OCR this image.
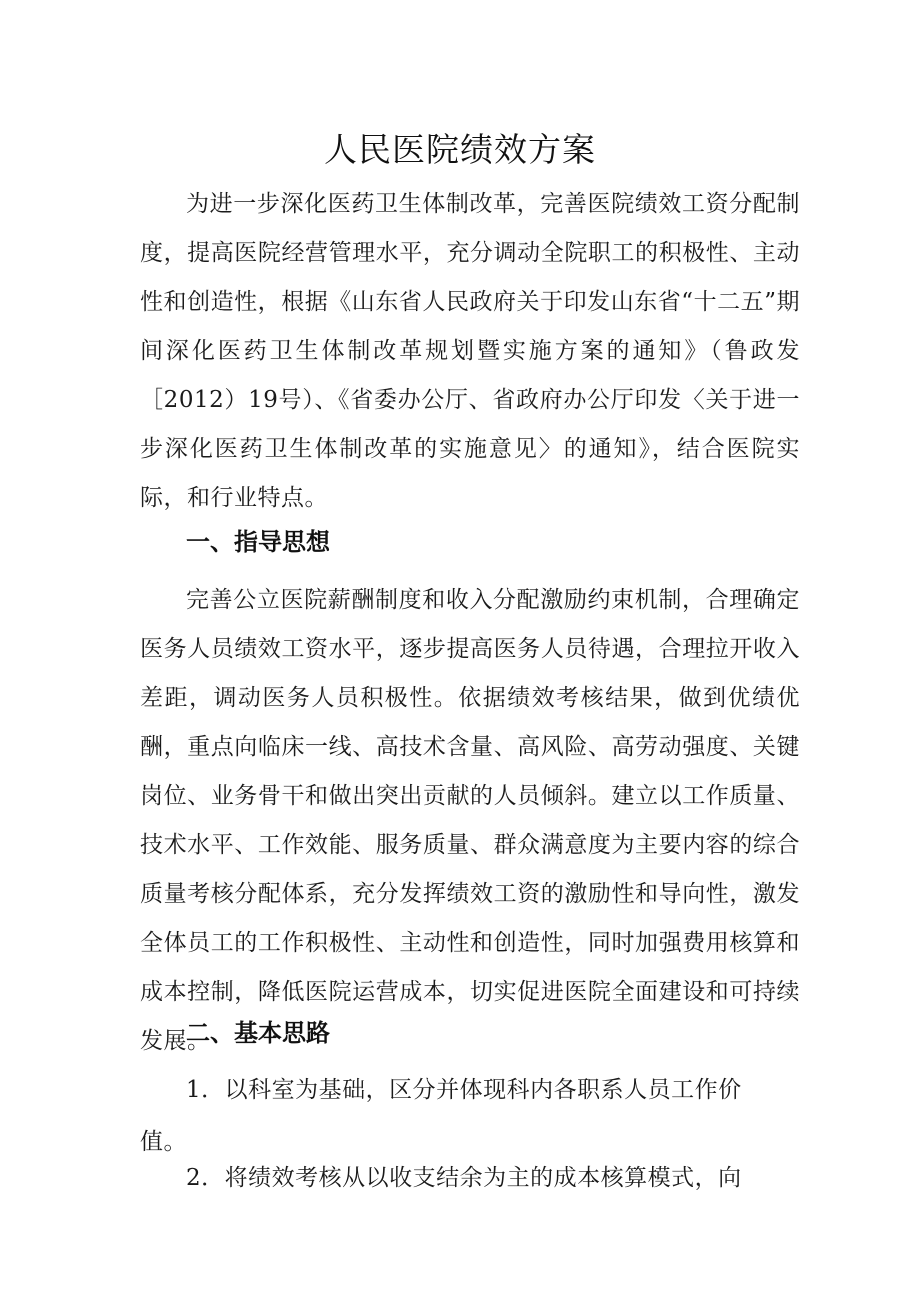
人民医院绩效方案

为进一步深化医药卫生体制改革，完善医院绩效工资分配制度，提高医院经营管理水平，充分调动全院职工的积极性、主动性和创造性，根据《山东省人民政府关于印发山东省“十二五”期间深化医药卫生体制改革规划暨实施方案的通知》（鲁政发［2012）19号）、《省委办公厅、省政府办公厅印发〈关于进一步深化医药卫生体制改革的实施意见〉的通知》，结合医院实际，和行业特点。

一、指导思想

完善公立医院薪酬制度和收入分配激励约束机制，合理确定医务人员绩效工资水平，逐步提高医务人员待遇，合理拉开收入差距，调动医务人员积极性。依据绩效考核结果，做到优绩优酬，重点向临床一线、高技术含量、高风险、高劳动强度、关键岗位、业务骨干和做出突出贡献的人员倾斜。建立以工作质量、技术水平、工作效能、服务质量、群众满意度为主要内容的综合质量考核分配体系，充分发挥绩效工资的激励性和导向性，激发全体员工的工作积极性、主动性和创造性，同时加强费用核算和成本控制，降低医院运营成本，切实促进医院全面建设和可持续发展。

二、基本思路

1．以科室为基础，区分并体现科内各职系人员工作价值。

2．将绩效考核从以收支结余为主的成本核算模式，向
